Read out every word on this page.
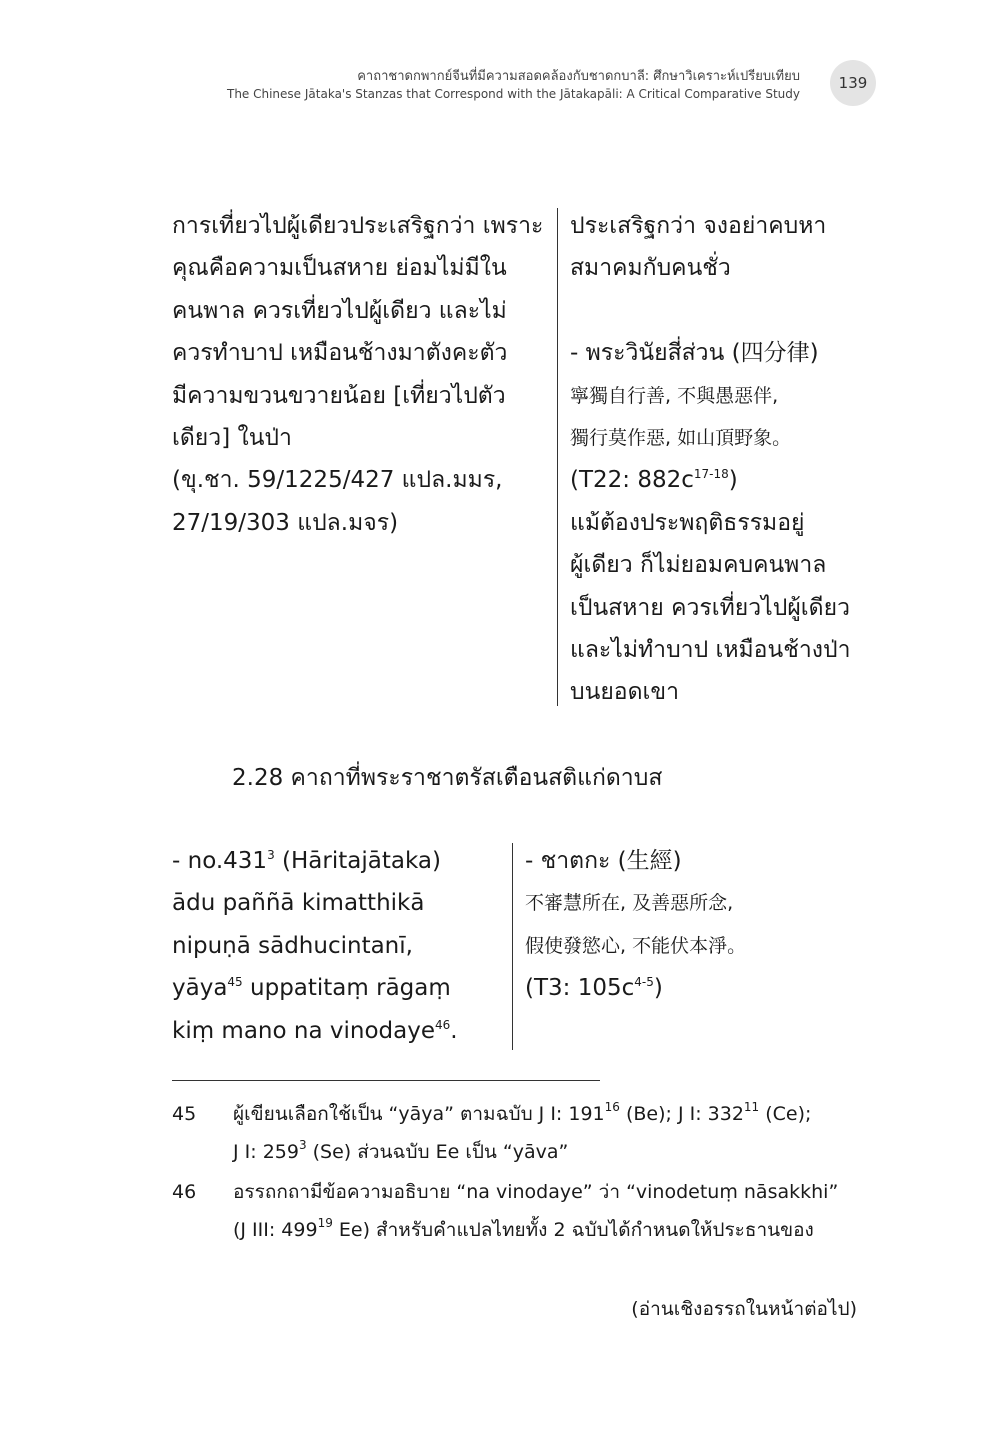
คาถาชาดกพากย์จีนที่มีความสอดคล้องกับชาดกบาลี: ศึกษาวิเคราะห์เปรียบเทียบ
The Chinese Jātaka's Stanzas that Correspond with the Jātakapāli: A Critical Comparative Study
139
การเที่ยวไปผู้เดียวประเสริฐกว่า เพราะ
คุณคือความเป็นสหาย ย่อมไม่มีใน
คนพาล ควรเที่ยวไปผู้เดียว และไม่
ควรทำบาป เหมือนช้างมาตังคะตัว
มีความขวนขวายน้อย [เที่ยวไปตัว
เดียว] ในป่า
(ขุ.ชา. 59/1225/427 แปล.มมร,
27/19/303 แปล.มจร)
ประเสริฐกว่า จงอย่าคบหา
สมาคมกับคนชั่ว
- พระวินัยสี่ส่วน (四分律)
寧獨自行善, 不與愚惡伴,
獨行莫作惡, 如山頂野象。
(T22: $882c^{17-18}$)
แม้ต้องประพฤติธรรมอยู่
ผู้เดียว ก็ไม่ยอมคบคนพาล
เป็นสหาย ควรเที่ยวไปผู้เดียว
และไม่ทำบาป เหมือนช้างป่า
บนยอดเขา
2.28 คาถาที่พระราชาตรัสเตือนสติแก่ดาบส
- no.431$^3$ (Hāritajātaka)
ādu paññā kimatthikā
nipuṇā sādhucintanī,
yāya$^{45}$ uppatitaṃ rāgaṃ
kiṃ mano na vinodaye$^{46}$.
- ชาตกะ (生經)
不審慧所在, 及善惡所念,
假使發慾心, 不能伏本淨。
(T3: $105c^{4-5}$)
45 ผู้เขียนเลือกใช้เป็น “yāya” ตามฉบับ J I: $191^{16}$ (Be); J I: $332^{11}$ (Ce);
J I: $259^3$ (Se) ส่วนฉบับ Ee เป็น “yāva”
46 อรรถกถามีข้อความอธิบาย “na vinodaye” ว่า “vinodetuṃ nāsakkhi”
(J III: $499^{19}$ Ee) สำหรับคำแปลไทยทั้ง 2 ฉบับได้กำหนดให้ประธานของ
(อ่านเชิงอรรถในหน้าต่อไป)
